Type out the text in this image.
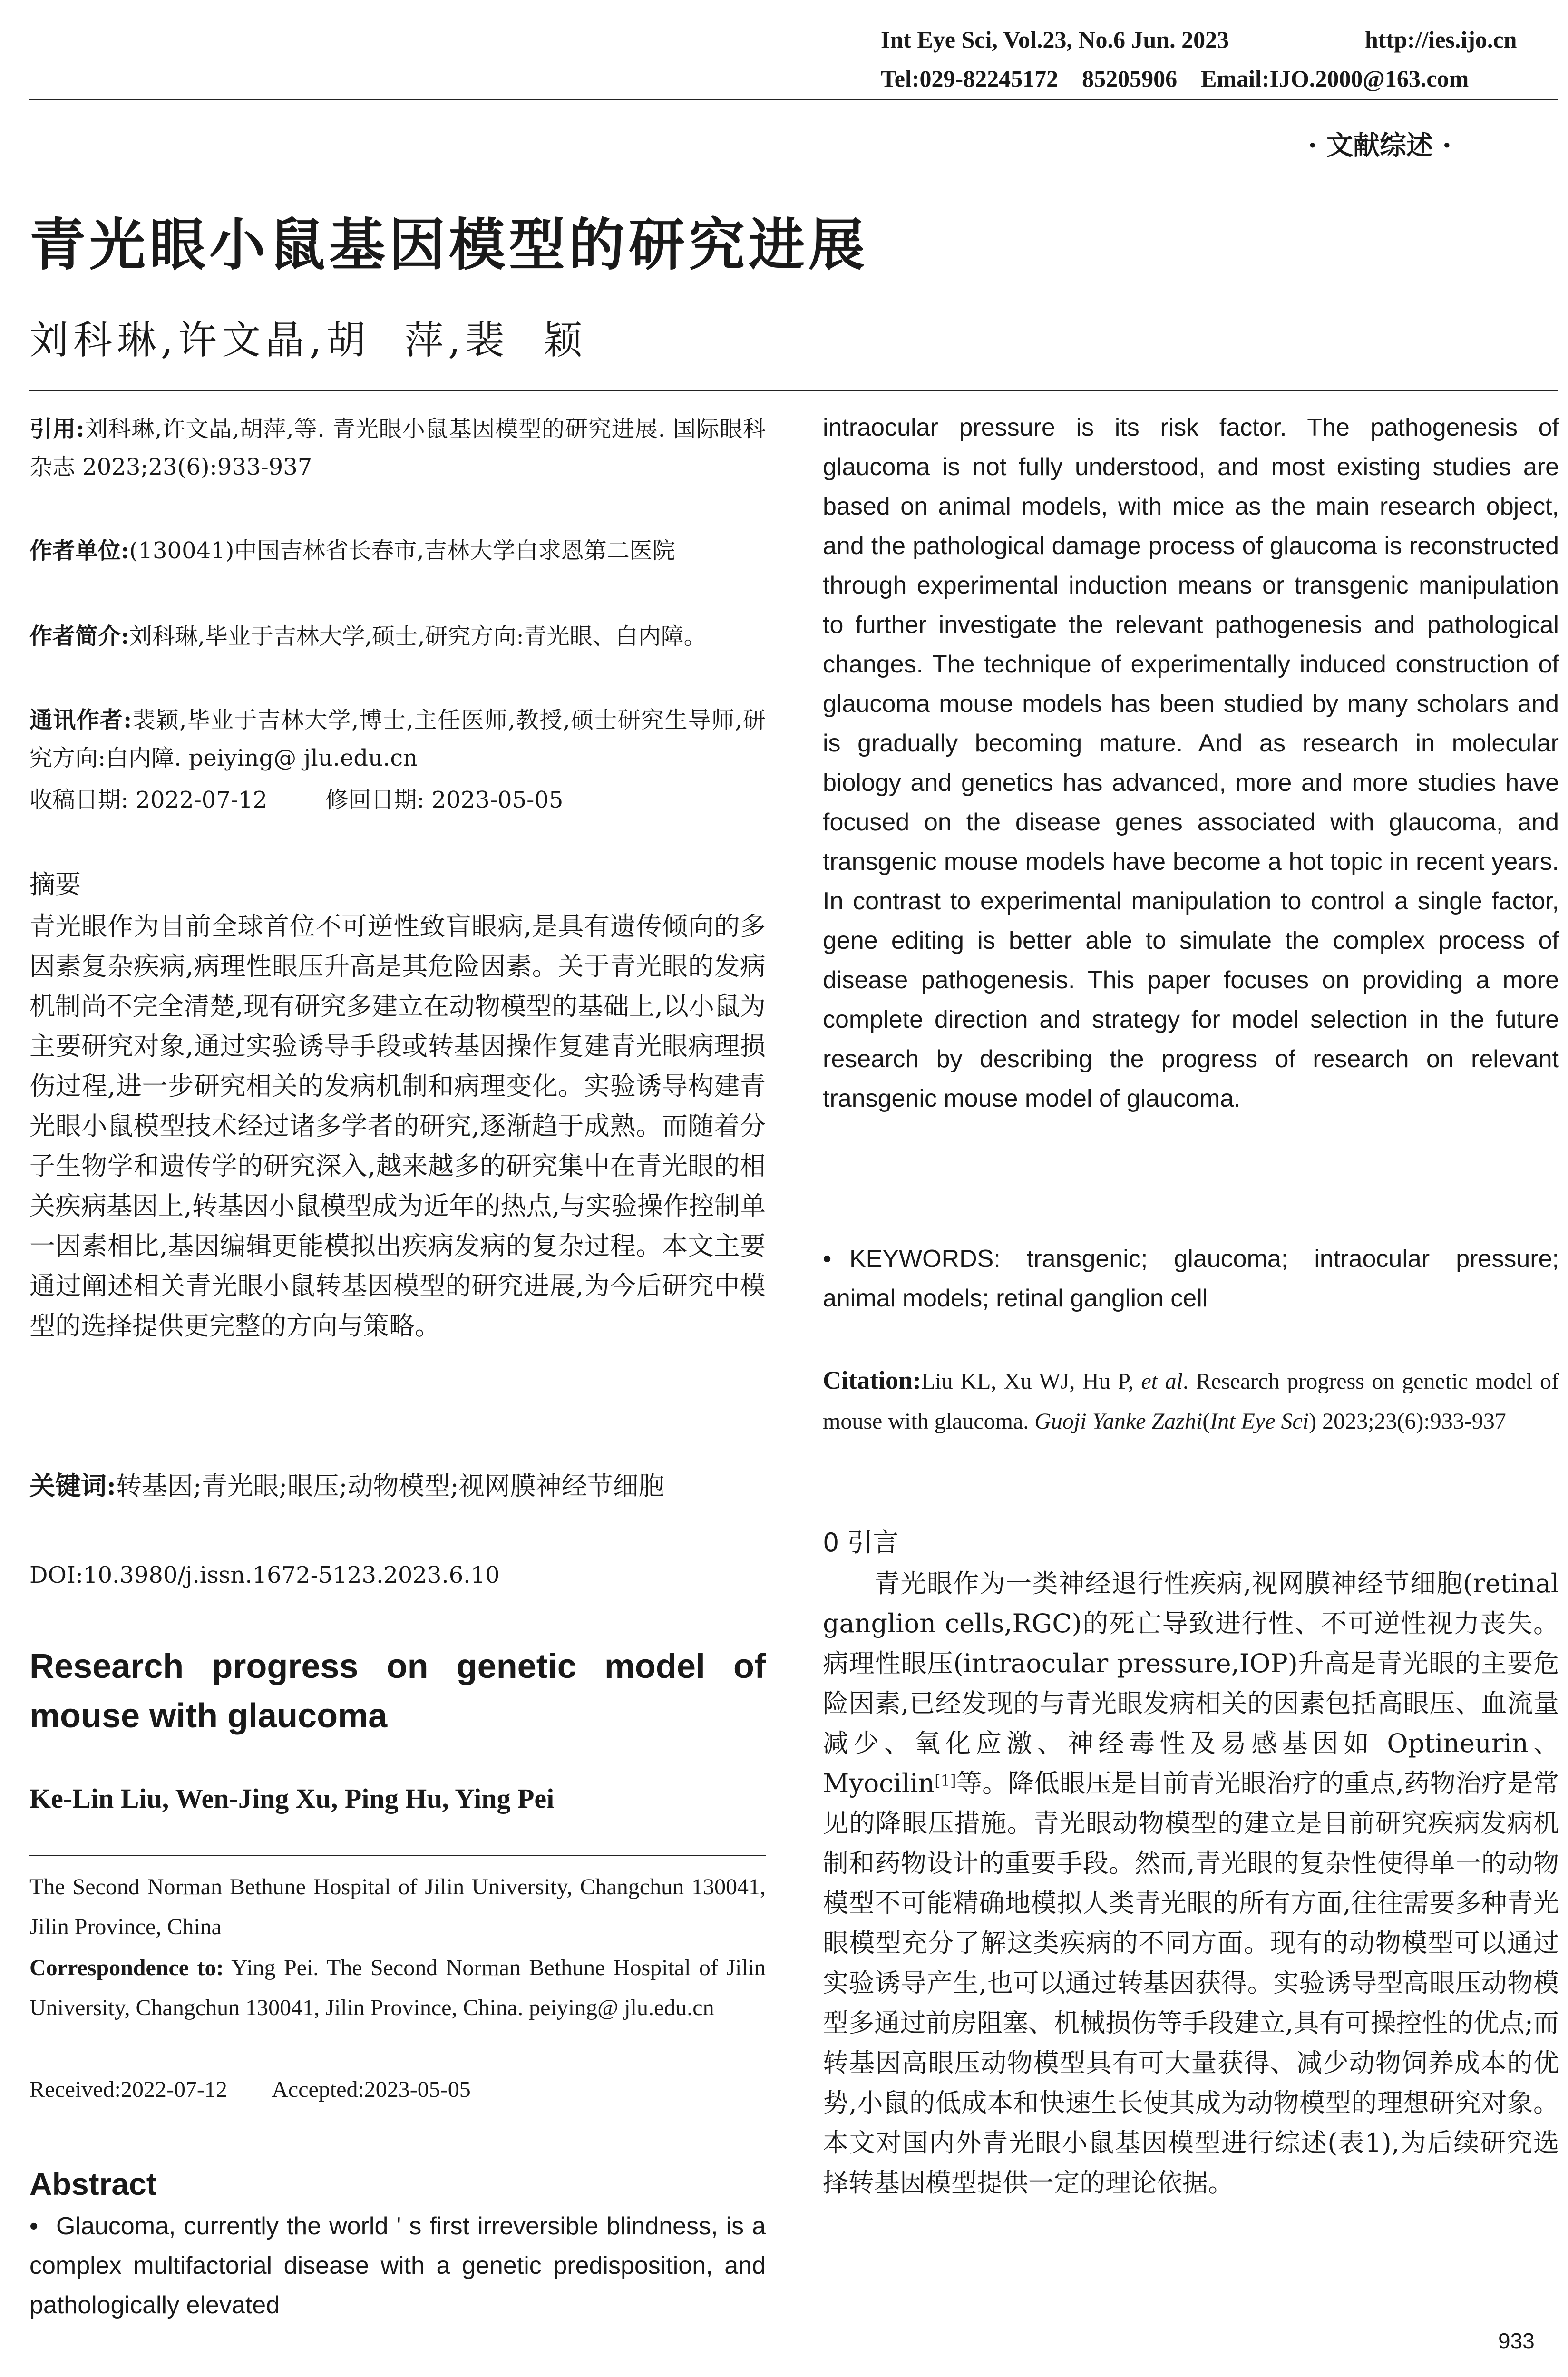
Int Eye Sci, Vol.23, No.6 Jun. 2023	http://ies.ijo.cn
Tel:029-82245172    85205906    Email:IJO.2000@163.com
· 文献综述 ·
青光眼小鼠基因模型的研究进展
刘科琳,许文晶,胡  萍,裴  颖
引用:刘科琳,许文晶,胡萍,等. 青光眼小鼠基因模型的研究进展. 国际眼科杂志 2023;23(6):933-937
作者单位:(130041)中国吉林省长春市,吉林大学白求恩第二医院
作者简介:刘科琳,毕业于吉林大学,硕士,研究方向:青光眼、白内障。
通讯作者:裴颖,毕业于吉林大学,博士,主任医师,教授,硕士研究生导师,研究方向:白内障. peiying@ jlu.edu.cn
收稿日期: 2022-07-12	修回日期: 2023-05-05
摘要
青光眼作为目前全球首位不可逆性致盲眼病,是具有遗传倾向的多因素复杂疾病,病理性眼压升高是其危险因素。关于青光眼的发病机制尚不完全清楚,现有研究多建立在动物模型的基础上,以小鼠为主要研究对象,通过实验诱导手段或转基因操作复建青光眼病理损伤过程,进一步研究相关的发病机制和病理变化。实验诱导构建青光眼小鼠模型技术经过诸多学者的研究,逐渐趋于成熟。而随着分子生物学和遗传学的研究深入,越来越多的研究集中在青光眼的相关疾病基因上,转基因小鼠模型成为近年的热点,与实验操作控制单一因素相比,基因编辑更能模拟出疾病发病的复杂过程。本文主要通过阐述相关青光眼小鼠转基因模型的研究进展,为今后研究中模型的选择提供更完整的方向与策略。
关键词:转基因;青光眼;眼压;动物模型;视网膜神经节细胞
DOI:10.3980/j.issn.1672-5123.2023.6.10
Research progress on genetic model of mouse with glaucoma
Ke-Lin Liu, Wen-Jing Xu, Ping Hu, Ying Pei
The Second Norman Bethune Hospital of Jilin University, Changchun 130041, Jilin Province, China
Correspondence to: Ying Pei. The Second Norman Bethune Hospital of Jilin University, Changchun 130041, Jilin Province, China. peiying@ jlu.edu.cn
Received:2022-07-12 Accepted:2023-05-05
Abstract
• Glaucoma, currently the world ' s first irreversible blindness, is a complex multifactorial disease with a genetic predisposition, and pathologically elevated
intraocular pressure is its risk factor. The pathogenesis of glaucoma is not fully understood, and most existing studies are based on animal models, with mice as the main research object, and the pathological damage process of glaucoma is reconstructed through experimental induction means or transgenic manipulation to further investigate the relevant pathogenesis and pathological changes. The technique of experimentally induced construction of glaucoma mouse models has been studied by many scholars and is gradually becoming mature. And as research in molecular biology and genetics has advanced, more and more studies have focused on the disease genes associated with glaucoma, and transgenic mouse models have become a hot topic in recent years. In contrast to experimental manipulation to control a single factor, gene editing is better able to simulate the complex process of disease pathogenesis. This paper focuses on providing a more complete direction and strategy for model selection in the future research by describing the progress of research on relevant transgenic mouse model of glaucoma.
• KEYWORDS: transgenic; glaucoma; intraocular pressure; animal models; retinal ganglion cell
Citation:Liu KL, Xu WJ, Hu P, et al. Research progress on genetic model of mouse with glaucoma. Guoji Yanke Zazhi(Int Eye Sci) 2023;23(6):933-937
0 引言
青光眼作为一类神经退行性疾病,视网膜神经节细胞(retinal ganglion cells,RGC)的死亡导致进行性、不可逆性视力丧失。病理性眼压(intraocular pressure,IOP)升高是青光眼的主要危险因素,已经发现的与青光眼发病相关的因素包括高眼压、血流量减少、氧化应激、神经毒性及易感基因如 Optineurin、Myocilin[1]等。降低眼压是目前青光眼治疗的重点,药物治疗是常见的降眼压措施。青光眼动物模型的建立是目前研究疾病发病机制和药物设计的重要手段。然而,青光眼的复杂性使得单一的动物模型不可能精确地模拟人类青光眼的所有方面,往往需要多种青光眼模型充分了解这类疾病的不同方面。现有的动物模型可以通过实验诱导产生,也可以通过转基因获得。实验诱导型高眼压动物模型多通过前房阻塞、机械损伤等手段建立,具有可操控性的优点;而转基因高眼压动物模型具有可大量获得、减少动物饲养成本的优势,小鼠的低成本和快速生长使其成为动物模型的理想研究对象。本文对国内外青光眼小鼠基因模型进行综述(表1),为后续研究选择转基因模型提供一定的理论依据。
933
